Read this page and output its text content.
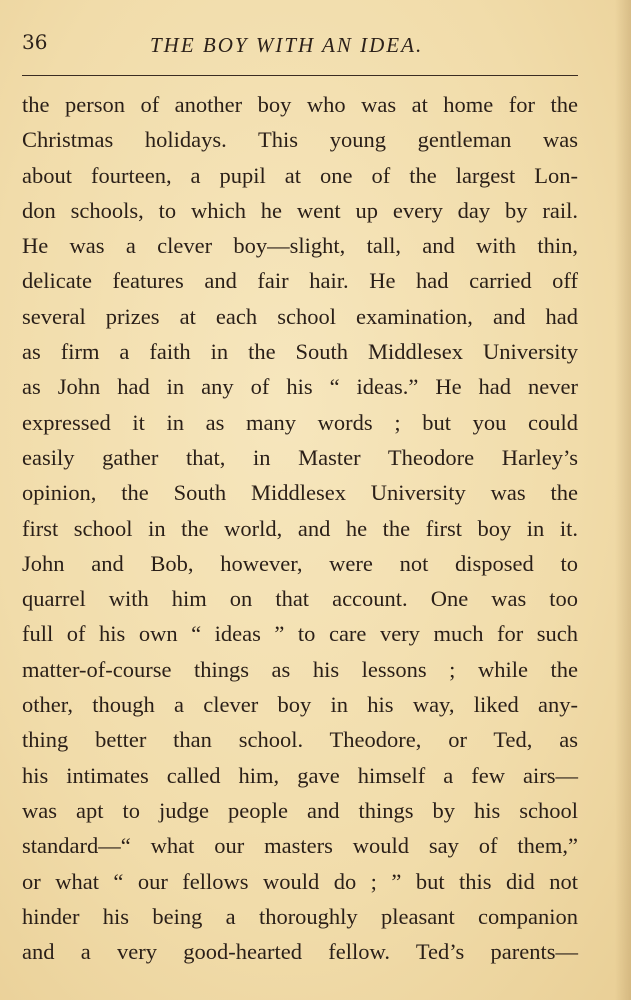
36	THE BOY WITH AN IDEA.
the person of another boy who was at home for the
Christmas holidays. This young gentleman was
about fourteen, a pupil at one of the largest Lon-
don schools, to which he went up every day by rail.
He was a clever boy—slight, tall, and with thin,
delicate features and fair hair. He had carried off
several prizes at each school examination, and had
as firm a faith in the South Middlesex University
as John had in any of his “ ideas.” He had never
expressed it in as many words ; but you could
easily gather that, in Master Theodore Harley’s
opinion, the South Middlesex University was the
first school in the world, and he the first boy in it.
John and Bob, however, were not disposed to
quarrel with him on that account. One was too
full of his own “ ideas ” to care very much for such
matter-of-course things as his lessons ; while the
other, though a clever boy in his way, liked any-
thing better than school. Theodore, or Ted, as
his intimates called him, gave himself a few airs—
was apt to judge people and things by his school
standard—“ what our masters would say of them,”
or what “ our fellows would do ; ” but this did not
hinder his being a thoroughly pleasant companion
and a very good-hearted fellow. Ted’s parents—
